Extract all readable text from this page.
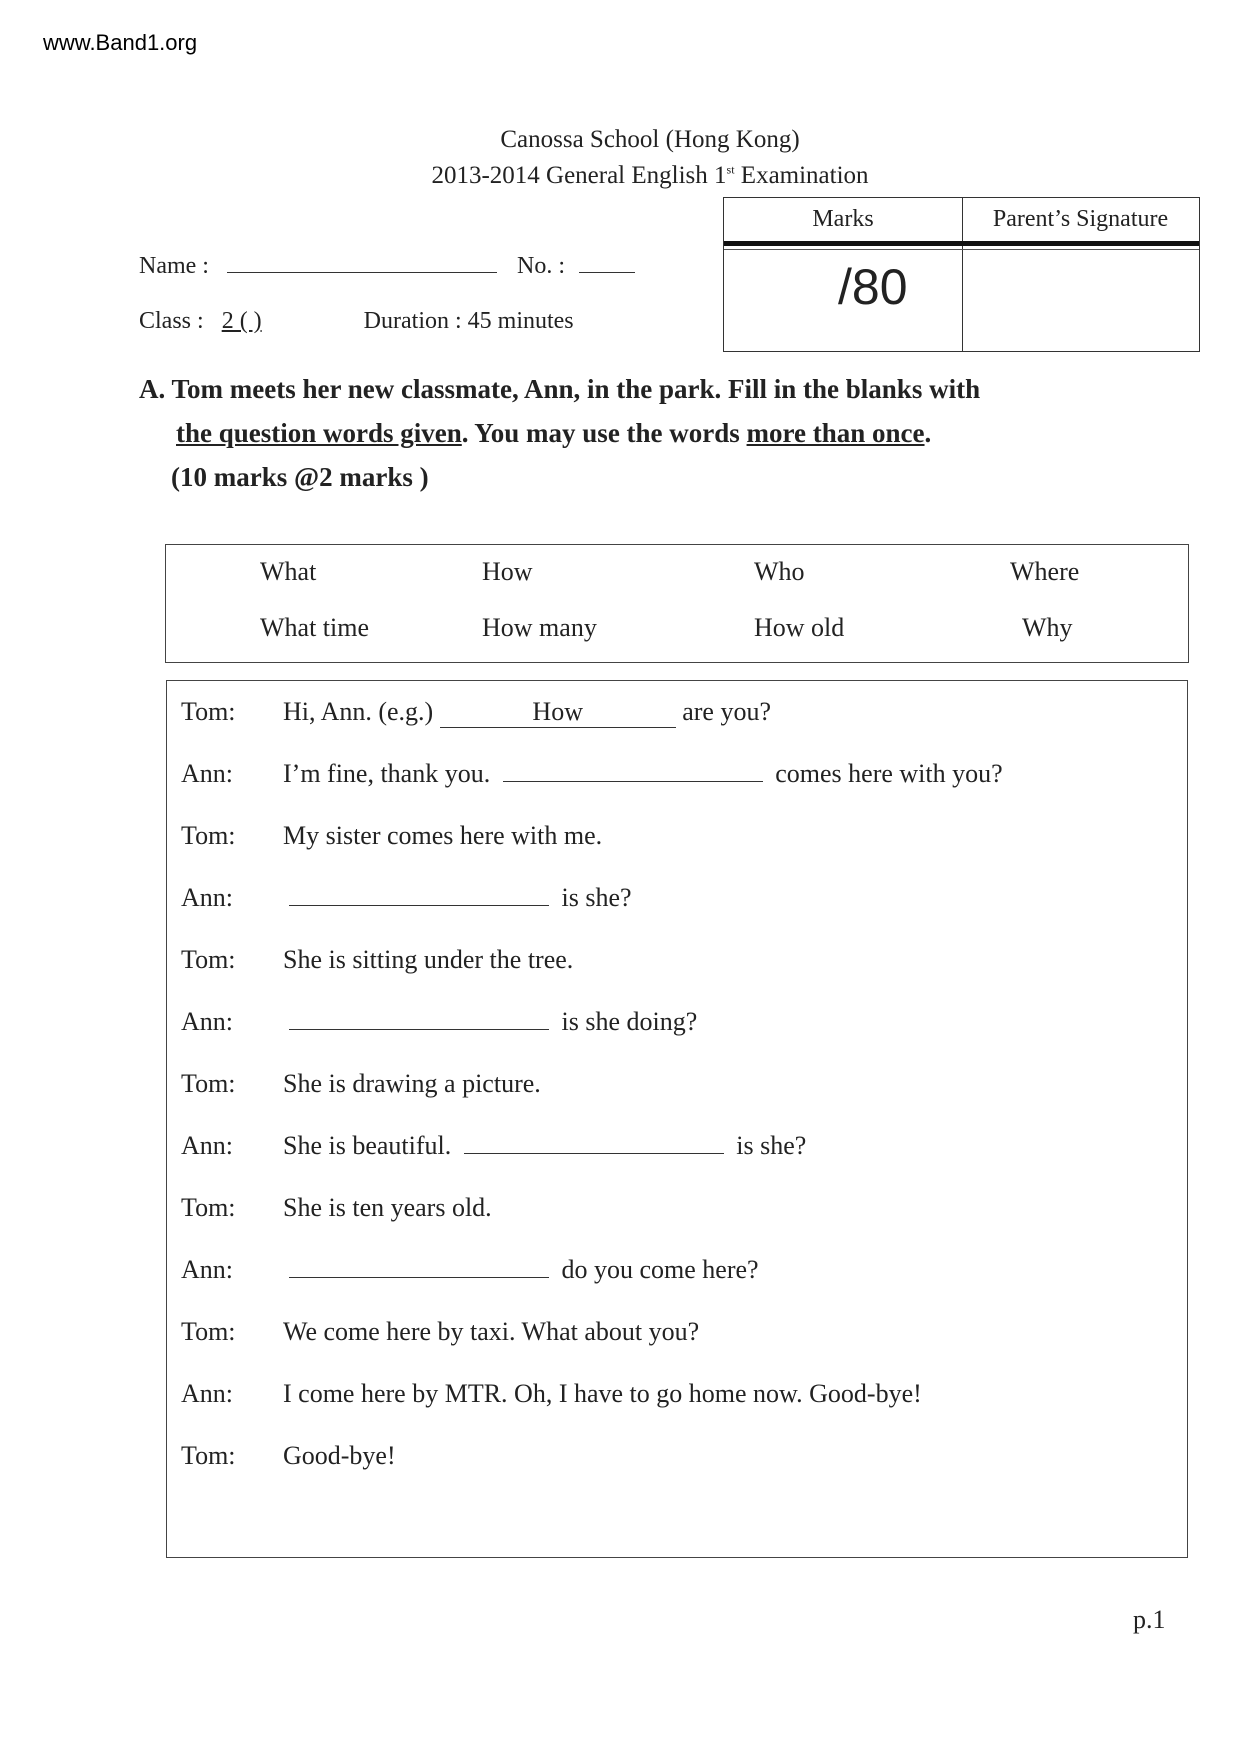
www.Band1.org
Canossa School (Hong Kong)
2013-2014 General English 1st Examination
Marks	Parent’s Signature
/80
Name :	No. :
Class : 2 ( )	Duration : 45 minutes
A. Tom meets her new classmate, Ann, in the park. Fill in the blanks with
the question words given. You may use the words more than once.
(10 marks @2 marks )
What	How	Who	Where
What time	How many	How old	Why
Tom: Hi, Ann. (e.g.)	How	are you?
Ann: I’m fine, thank you.	comes here with you?
Tom: My sister comes here with me.
Ann:	is she?
Tom: She is sitting under the tree.
Ann:	is she doing?
Tom: She is drawing a picture.
Ann: She is beautiful.	is she?
Tom: She is ten years old.
Ann:	do you come here?
Tom: We come here by taxi. What about you?
Ann: I come here by MTR. Oh, I have to go home now. Good-bye!
Tom: Good-bye!
p.1
